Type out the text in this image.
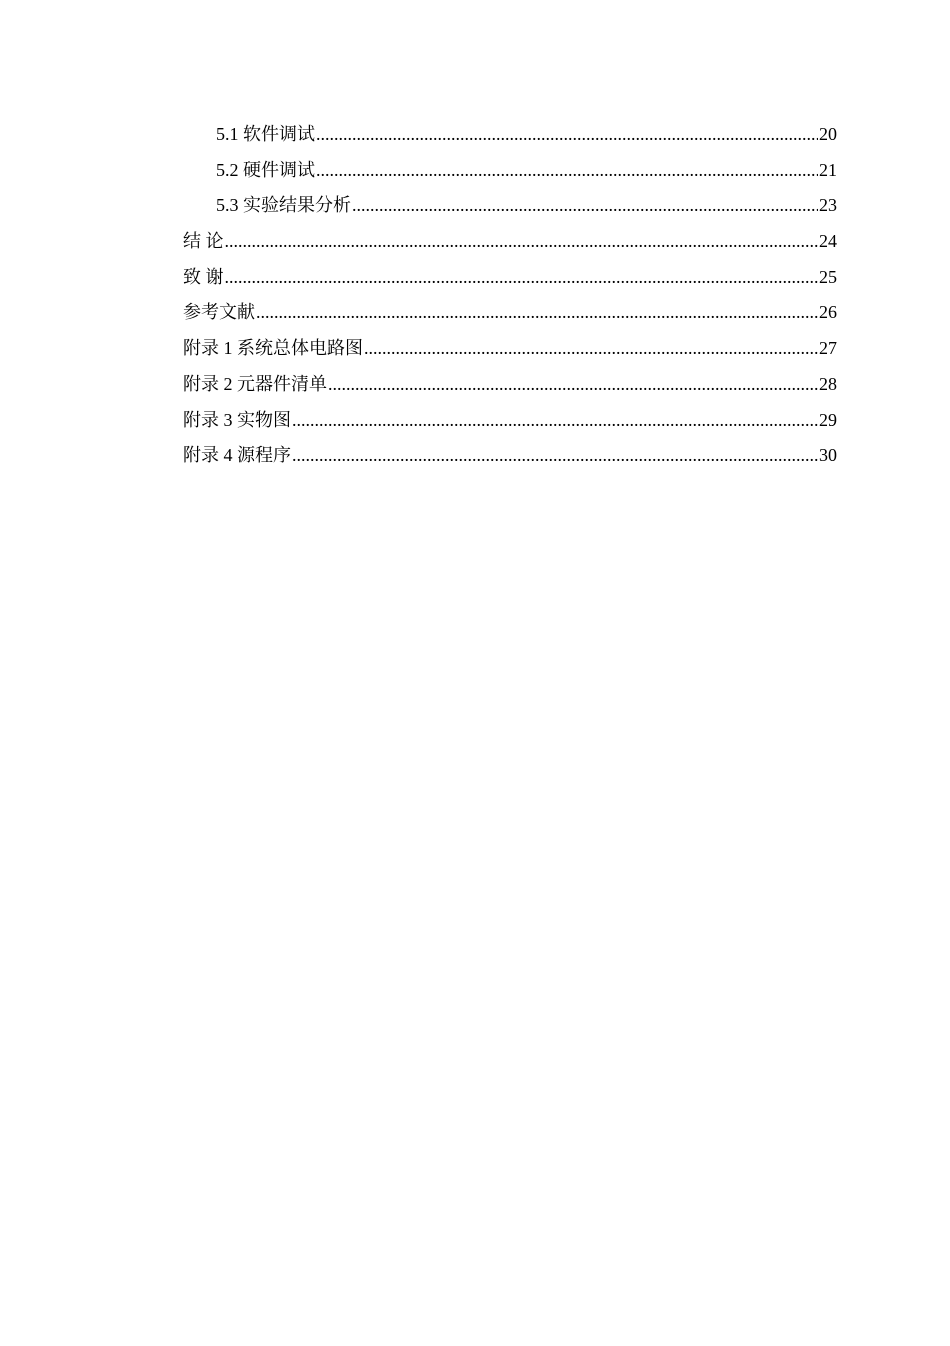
5.1 软件调试 .....	20
5.2 硬件调试 .....	21
5.3 实验结果分析 .....	23
结 论 .....	24
致 谢 .....	25
参考文献 .....	26
附录 1 系统总体电路图 .....	27
附录 2 元器件清单 .....	28
附录 3 实物图 .....	29
附录 4 源程序 .....	30
